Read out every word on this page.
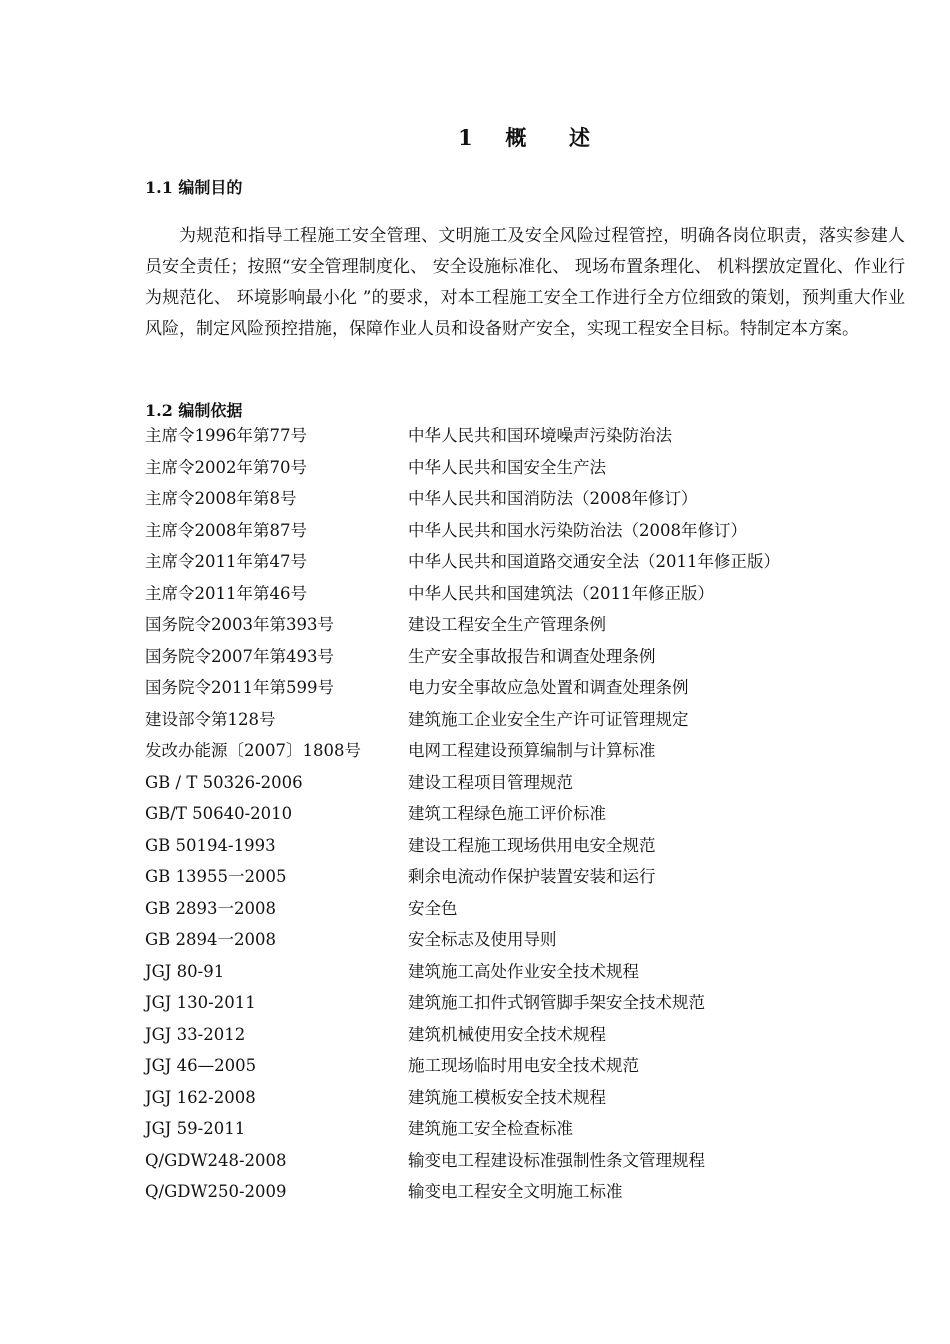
1 概 述
1.1 编制目的
为规范和指导工程施工安全管理、文明施工及安全风险过程管控，明确各岗位职责，落实参建人员安全责任；按照“安全管理制度化、 安全设施标准化、 现场布置条理化、 机料摆放定置化、作业行为规范化、 环境影响最小化 ”的要求，对本工程施工安全工作进行全方位细致的策划，预判重大作业风险，制定风险预控措施，保障作业人员和设备财产安全，实现工程安全目标。特制定本方案。
1.2 编制依据
主席令1996年第77号	中华人民共和国环境噪声污染防治法
主席令2002年第70号	中华人民共和国安全生产法
主席令2008年第8号	中华人民共和国消防法（2008年修订）
主席令2008年第87号	中华人民共和国水污染防治法（2008年修订）
主席令2011年第47号	中华人民共和国道路交通安全法（2011年修正版）
主席令2011年第46号	中华人民共和国建筑法（2011年修正版）
国务院令2003年第393号	建设工程安全生产管理条例
国务院令2007年第493号	生产安全事故报告和调查处理条例
国务院令2011年第599号	电力安全事故应急处置和调查处理条例
建设部令第128号	建筑施工企业安全生产许可证管理规定
发改办能源〔2007〕1808号	电网工程建设预算编制与计算标准
GB / T 50326-2006	建设工程项目管理规范
GB/T 50640-2010	建筑工程绿色施工评价标准
GB 50194-1993	建设工程施工现场供用电安全规范
GB 13955一2005	剩余电流动作保护装置安装和运行
GB 2893一2008	安全色
GB 2894一2008	安全标志及使用导则
JGJ 80-91	建筑施工高处作业安全技术规程
JGJ 130-2011	建筑施工扣件式钢管脚手架安全技术规范
JGJ 33-2012	建筑机械使用安全技术规程
JGJ 46—2005	施工现场临时用电安全技术规范
JGJ 162-2008	建筑施工模板安全技术规程
JGJ 59-2011	建筑施工安全检查标准
Q/GDW248-2008	输变电工程建设标准强制性条文管理规程
Q/GDW250-2009	输变电工程安全文明施工标准
